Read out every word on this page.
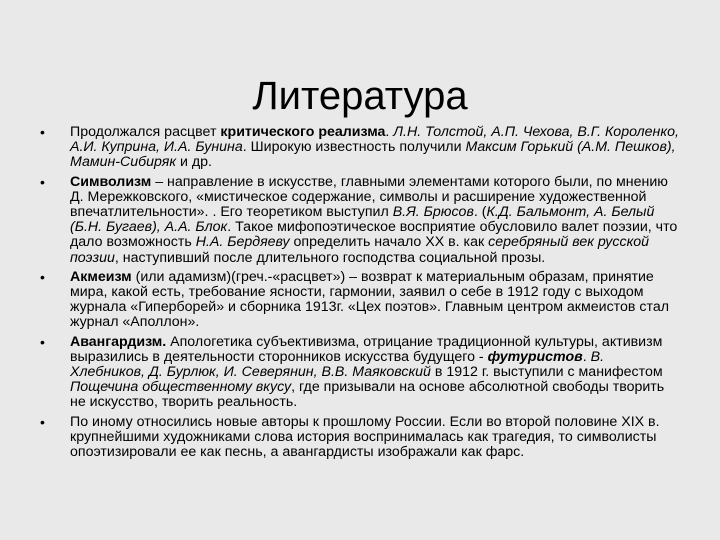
Литература
• Продолжался расцвет критического реализма. Л.Н. Толстой, А.П. Чехова, В.Г. Короленко, А.И. Куприна, И.А. Бунина. Широкую известность получили Максим Горький (А.М. Пешков), Мамин-Сибиряк и др.
• Символизм – направление в искусстве, главными элементами которого были, по мнению Д. Мережковского, «мистическое содержание, символы и расширение художественной впечатлительности». . Его теоретиком выступил В.Я. Брюсов. (К.Д. Бальмонт, А. Белый (Б.Н. Бугаев), А.А. Блок. Такое мифопоэтическое восприятие обусловило валет поэзии, что дало возможность Н.А. Бердяеву определить начало XX в. как серебряный век русской поэзии, наступивший после длительного господства социальной прозы.
• Акмеизм (или адамизм)(греч.-«расцвет») – возврат к материальным образам, принятие мира, какой есть, требование ясности, гармонии, заявил о себе в 1912 году с выходом журнала «Гиперборей» и сборника 1913г. «Цех поэтов». Главным центром акмеистов стал журнал «Аполлон».
• Авангардизм. Апологетика субъективизма, отрицание традиционной культуры, активизм выразились в деятельности сторонников искусства будущего - футуристов. В. Хлебников, Д. Бурлюк, И. Северянин, В.В. Маяковский в 1912 г. выступили с манифестом Пощечина общественному вкусу, где призывали на основе абсолютной свободы творить не искусство, творить реальность.
• По иному относились новые авторы к прошлому России. Если во второй половине XIX в. крупнейшими художниками слова история воспринималась как трагедия, то символисты опоэтизировали ее как песнь, а авангардисты изображали как фарс.
